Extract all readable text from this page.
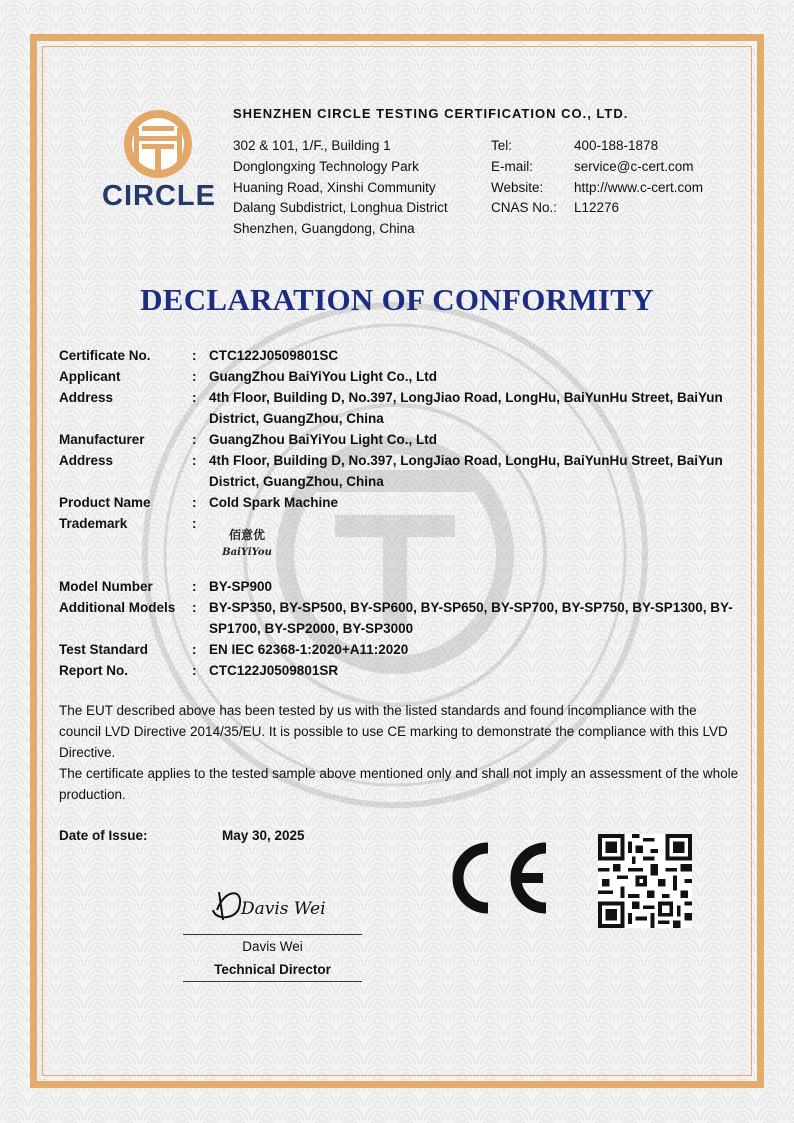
CIRCLE
SHENZHEN CIRCLE TESTING CERTIFICATION CO., LTD.
302 & 101, 1/F., Building 1
Donglongxing Technology Park
Huaning Road, Xinshi Community
Dalang Subdistrict, Longhua District
Shenzhen, Guangdong, China
Tel:	400-188-1878
E-mail:	service@c-cert.com
Website:	http://www.c-cert.com
CNAS No.:	L12276
DECLARATION OF CONFORMITY
Certificate No.	: CTC122J0509801SC
Applicant	: GuangZhou BaiYiYou Light Co., Ltd
Address	: 4th Floor, Building D, No.397, LongJiao Road, LongHu, BaiYunHu Street, BaiYun District, GuangZhou, China
Manufacturer	: GuangZhou BaiYiYou Light Co., Ltd
Address	: 4th Floor, Building D, No.397, LongJiao Road, LongHu, BaiYunHu Street, BaiYun District, GuangZhou, China
Product Name	: Cold Spark Machine
Trademark	:
Model Number	: BY-SP900
Additional Models	: BY-SP350, BY-SP500, BY-SP600, BY-SP650, BY-SP700, BY-SP750, BY-SP1300, BY-SP1700, BY-SP2000, BY-SP3000
Test Standard	: EN IEC 62368-1:2020+A11:2020
Report No.	: CTC122J0509801SR
佰意优
BaiYiYou
The EUT described above has been tested by us with the listed standards and found incompliance with the council LVD Directive 2014/35/EU. It is possible to use CE marking to demonstrate the compliance with this LVD Directive.
The certificate applies to the tested sample above mentioned only and shall not imply an assessment of the whole production.
Date of Issue:	May 30, 2025
Davis Wei
Davis Wei
Technical Director
